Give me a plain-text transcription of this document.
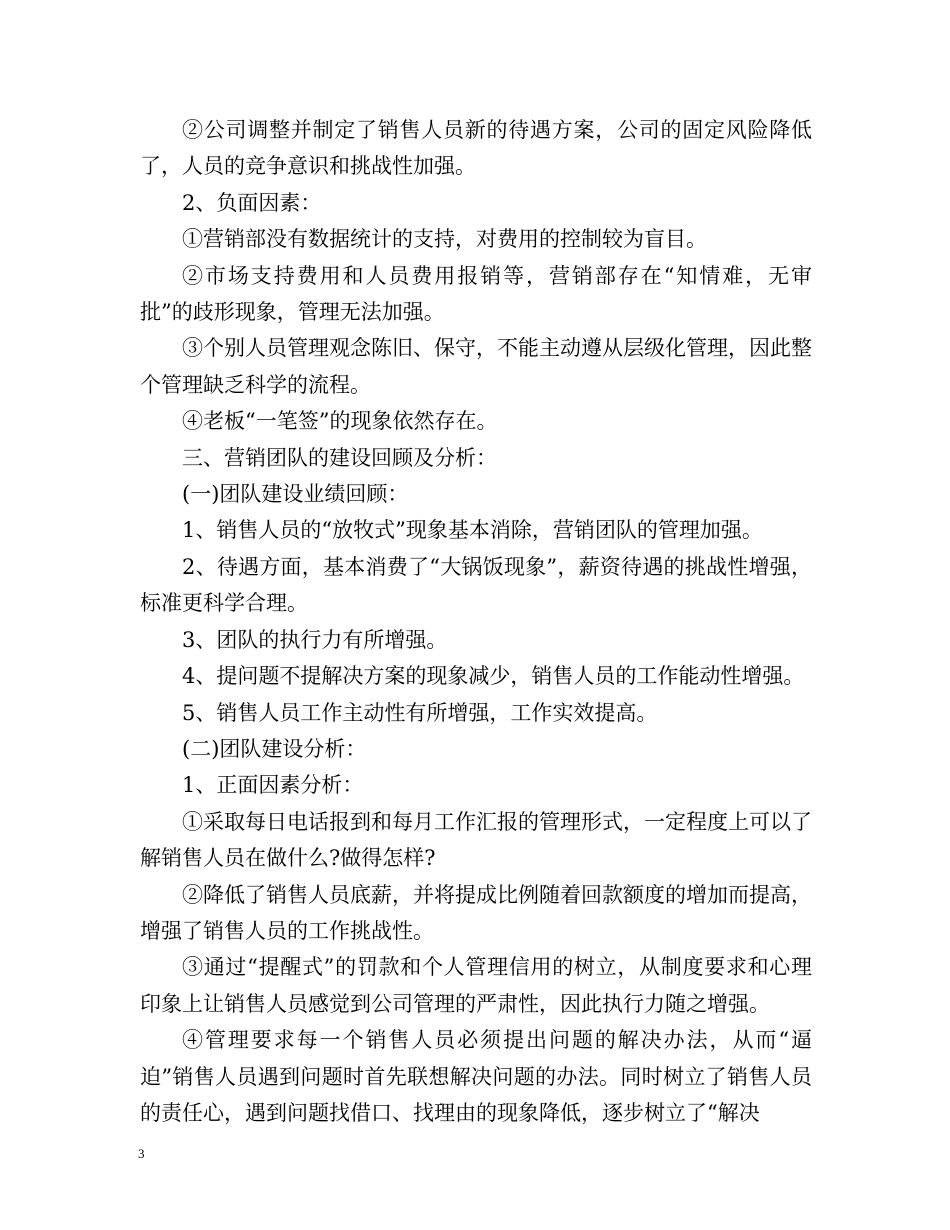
②公司调整并制定了销售人员新的待遇方案，公司的固定风险降低了，人员的竞争意识和挑战性加强。

2、负面因素：

①营销部没有数据统计的支持，对费用的控制较为盲目。

②市场支持费用和人员费用报销等，营销部存在“知情难，无审批”的歧形现象，管理无法加强。

③个别人员管理观念陈旧、保守，不能主动遵从层级化管理，因此整个管理缺乏科学的流程。

④老板“一笔签”的现象依然存在。

三、营销团队的建设回顾及分析：

(一)团队建设业绩回顾：

1、销售人员的“放牧式”现象基本消除，营销团队的管理加强。

2、待遇方面，基本消费了“大锅饭现象”，薪资待遇的挑战性增强，标准更科学合理。

3、团队的执行力有所增强。

4、提问题不提解决方案的现象减少，销售人员的工作能动性增强。

5、销售人员工作主动性有所增强，工作实效提高。

(二)团队建设分析：

1、正面因素分析：

①采取每日电话报到和每月工作汇报的管理形式，一定程度上可以了解销售人员在做什么?做得怎样?

②降低了销售人员底薪，并将提成比例随着回款额度的增加而提高，增强了销售人员的工作挑战性。

③通过“提醒式”的罚款和个人管理信用的树立，从制度要求和心理印象上让销售人员感觉到公司管理的严肃性，因此执行力随之增强。

④管理要求每一个销售人员必须提出问题的解决办法，从而“逼迫”销售人员遇到问题时首先联想解决问题的办法。同时树立了销售人员的责任心，遇到问题找借口、找理由的现象降低，逐步树立了“解决

3
